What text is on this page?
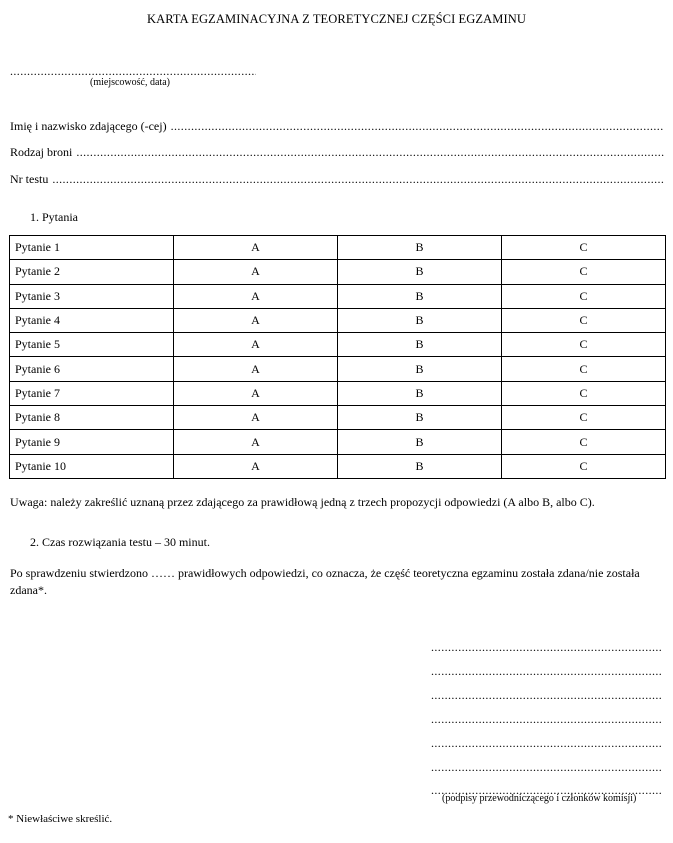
KARTA EGZAMINACYJNA Z TEORETYCZNEJ CZĘŚCI EGZAMINU
.....
(miejscowość, data)
Imię i nazwisko zdającego (-cej)
.....
Rodzaj broni
.....
Nr testu
.....
1. Pytania
Pytanie 1	A	B	C
Pytanie 2	A	B	C
Pytanie 3	A	B	C
Pytanie 4	A	B	C
Pytanie 5	A	B	C
Pytanie 6	A	B	C
Pytanie 7	A	B	C
Pytanie 8	A	B	C
Pytanie 9	A	B	C
Pytanie 10	A	B	C
Uwaga: należy zakreślić uznaną przez zdającego za prawidłową jedną z trzech propozycji odpowiedzi (A albo B, albo C).
2. Czas rozwiązania testu – 30 minut.
Po sprawdzeniu stwierdzono …… prawidłowych odpowiedzi, co oznacza, że część teoretyczna egzaminu została zdana/nie została zdana*.
.....
.....
.....
.....
.....
.....
.....
(podpisy przewodniczącego i członków komisji)
* Niewłaściwe skreślić.
